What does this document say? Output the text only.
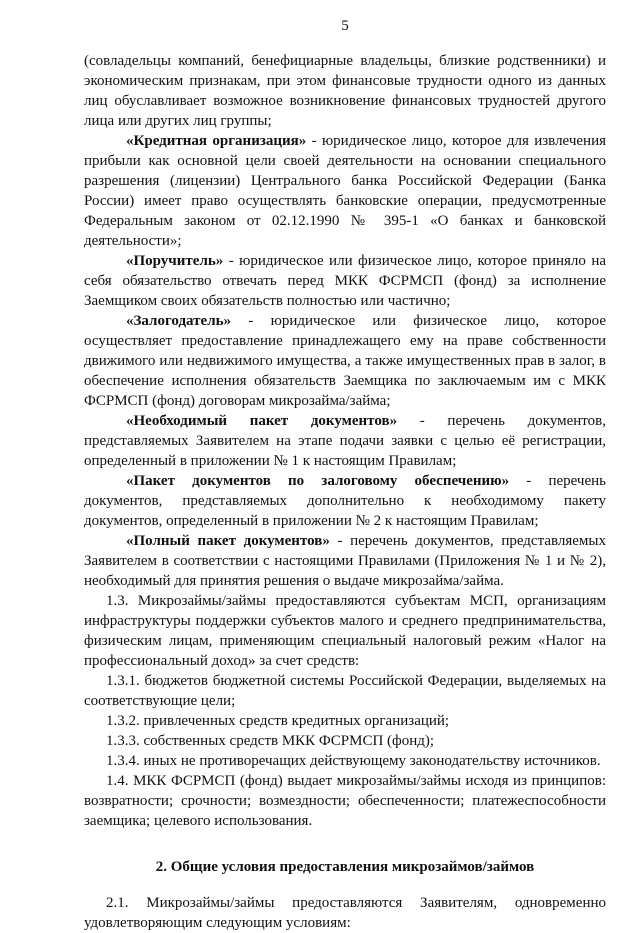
5

(совладельцы компаний, бенефициарные владельцы, близкие родственники) и экономическим признакам, при этом финансовые трудности одного из данных лиц обуславливает возможное возникновение финансовых трудностей другого лица или других лиц группы;

«Кредитная организация» - юридическое лицо, которое для извлечения прибыли как основной цели своей деятельности на основании специального разрешения (лицензии) Центрального банка Российской Федерации (Банка России) имеет право осуществлять банковские операции, предусмотренные Федеральным законом от 02.12.1990 № 395-1 «О банках и банковской деятельности»;

«Поручитель» - юридическое или физическое лицо, которое приняло на себя обязательство отвечать перед МКК ФСРМСП (фонд) за исполнение Заемщиком своих обязательств полностью или частично;

«Залогодатель» - юридическое или физическое лицо, которое осуществляет предоставление принадлежащего ему на праве собственности движимого или недвижимого имущества, а также имущественных прав в залог, в обеспечение исполнения обязательств Заемщика по заключаемым им с МКК ФСРМСП (фонд) договорам микрозайма/займа;

«Необходимый пакет документов» - перечень документов, представляемых Заявителем на этапе подачи заявки с целью её регистрации, определенный в приложении № 1 к настоящим Правилам;

«Пакет документов по залоговому обеспечению» - перечень документов, представляемых дополнительно к необходимому пакету документов, определенный в приложении № 2 к настоящим Правилам;

«Полный пакет документов» - перечень документов, представляемых Заявителем в соответствии с настоящими Правилами (Приложения № 1 и № 2), необходимый для принятия решения о выдаче микрозайма/займа.

1.3. Микрозаймы/займы предоставляются субъектам МСП, организациям инфраструктуры поддержки субъектов малого и среднего предпринимательства, физическим лицам, применяющим специальный налоговый режим «Налог на профессиональный доход» за счет средств:

1.3.1. бюджетов бюджетной системы Российской Федерации, выделяемых на соответствующие цели;

1.3.2. привлеченных средств кредитных организаций;

1.3.3. собственных средств МКК ФСРМСП (фонд);

1.3.4. иных не противоречащих действующему законодательству источников.

1.4. МКК ФСРМСП (фонд) выдает микрозаймы/займы исходя из принципов: возвратности; срочности; возмездности; обеспеченности; платежеспособности заемщика; целевого использования.

2. Общие условия предоставления микрозаймов/займов

2.1. Микрозаймы/займы предоставляются Заявителям, одновременно удовлетворяющим следующим условиям:
